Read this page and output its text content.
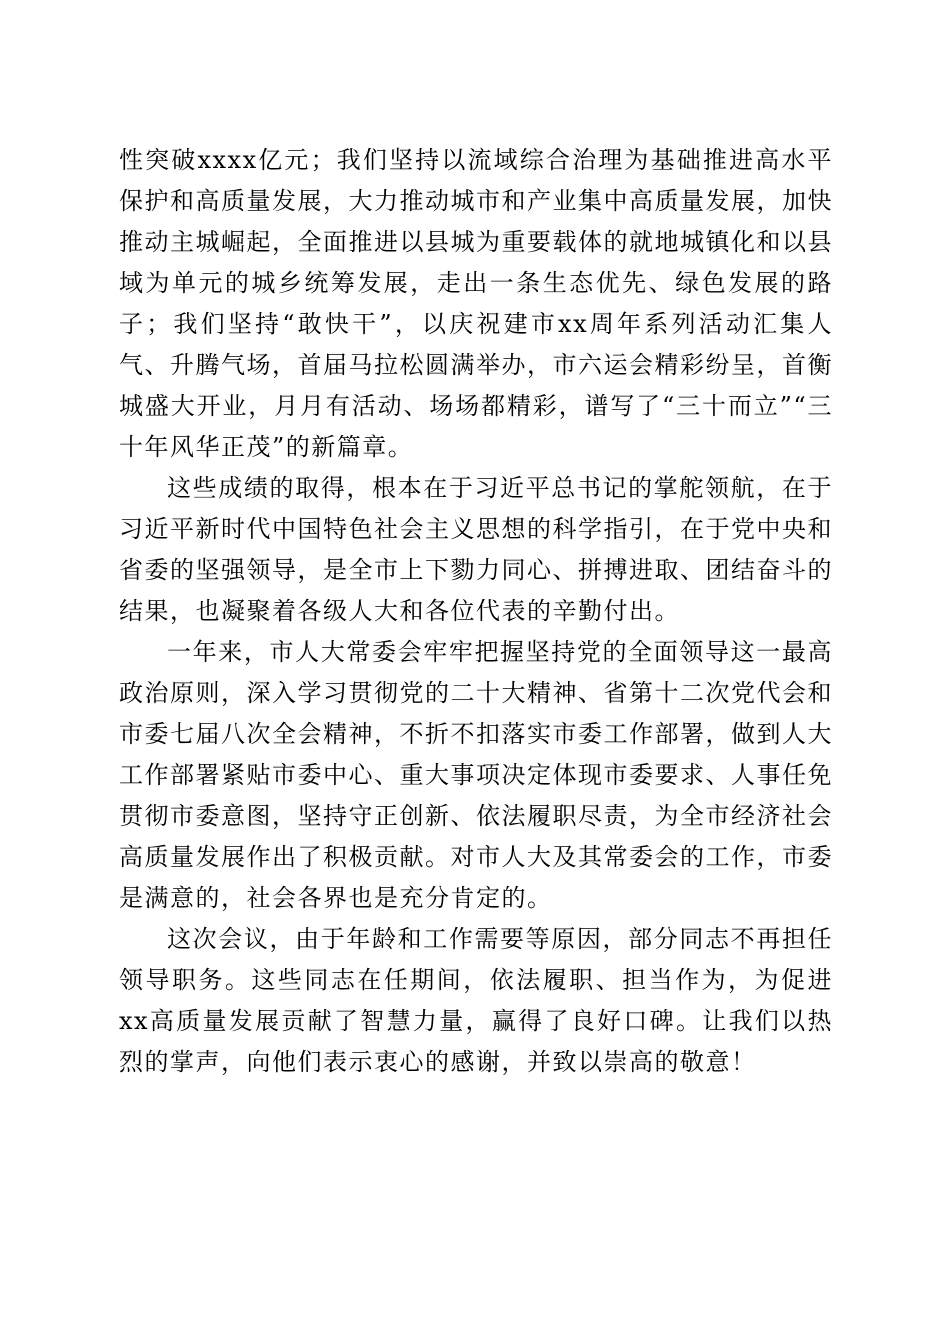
性突破xxxx亿元；我们坚持以流域综合治理为基础推进高水平保护和高质量发展，大力推动城市和产业集中高质量发展，加快推动主城崛起，全面推进以县城为重要载体的就地城镇化和以县域为单元的城乡统筹发展，走出一条生态优先、绿色发展的路子；我们坚持“敢快干”，以庆祝建市xx周年系列活动汇集人气、升腾气场，首届马拉松圆满举办，市六运会精彩纷呈，首衡城盛大开业，月月有活动、场场都精彩，谱写了“三十而立”“三十年风华正茂”的新篇章。

这些成绩的取得，根本在于习近平总书记的掌舵领航，在于习近平新时代中国特色社会主义思想的科学指引，在于党中央和省委的坚强领导，是全市上下勠力同心、拼搏进取、团结奋斗的结果，也凝聚着各级人大和各位代表的辛勤付出。

一年来，市人大常委会牢牢把握坚持党的全面领导这一最高政治原则，深入学习贯彻党的二十大精神、省第十二次党代会和市委七届八次全会精神，不折不扣落实市委工作部署，做到人大工作部署紧贴市委中心、重大事项决定体现市委要求、人事任免贯彻市委意图，坚持守正创新、依法履职尽责，为全市经济社会高质量发展作出了积极贡献。对市人大及其常委会的工作，市委是满意的，社会各界也是充分肯定的。

这次会议，由于年龄和工作需要等原因，部分同志不再担任领导职务。这些同志在任期间，依法履职、担当作为，为促进xx高质量发展贡献了智慧力量，赢得了良好口碑。让我们以热烈的掌声，向他们表示衷心的感谢，并致以崇高的敬意！
